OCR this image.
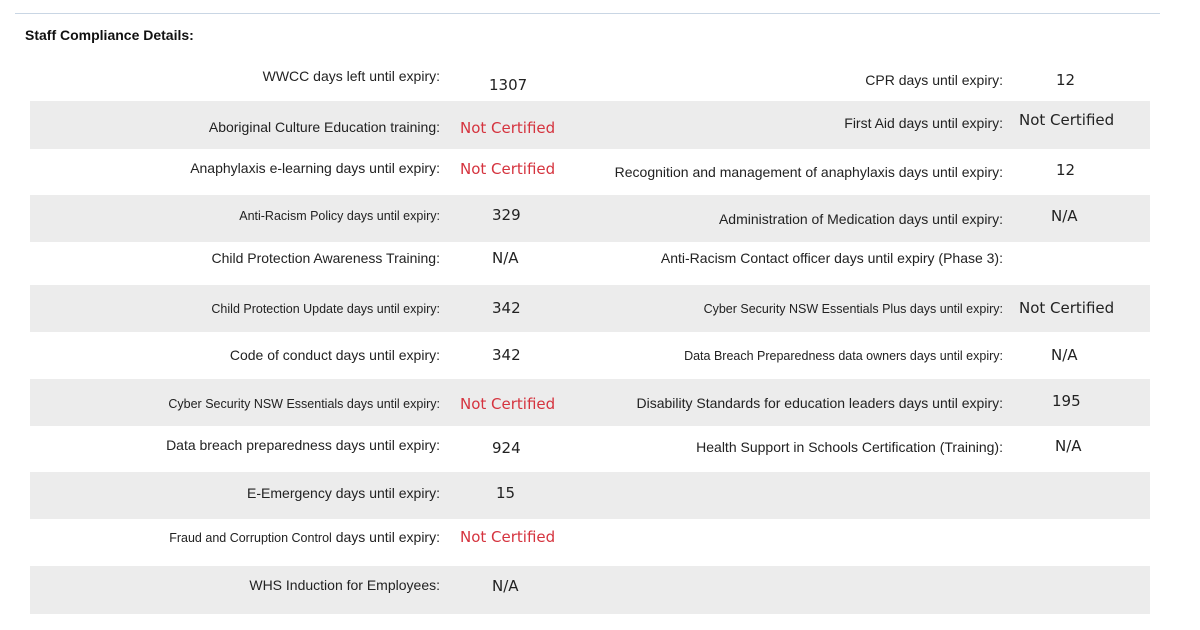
Staff Compliance Details:
WWCC days left until expiry:	1307	CPR days until expiry:	12
Aboriginal Culture Education training: Not Certified	First Aid days until expiry: Not Certified
Anaphylaxis e-learning days until expiry: Not Certified	Recognition and management of anaphylaxis days until expiry:	12
Anti-Racism Policy days until expiry:	329	Administration of Medication days until expiry:	N/A
Child Protection Awareness Training:	N/A	Anti-Racism Contact officer days until expiry (Phase 3):
Child Protection Update days until expiry:	342	Cyber Security NSW Essentials Plus days until expiry: Not Certified
Code of conduct days until expiry:	342	Data Breach Preparedness data owners days until expiry:	N/A
Cyber Security NSW Essentials days until expiry: Not Certified	Disability Standards for education leaders days until expiry:	195
Data breach preparedness days until expiry:	924	Health Support in Schools Certification (Training):	N/A
E-Emergency days until expiry:	15
Fraud and Corruption Control days until expiry: Not Certified
WHS Induction for Employees:	N/A
